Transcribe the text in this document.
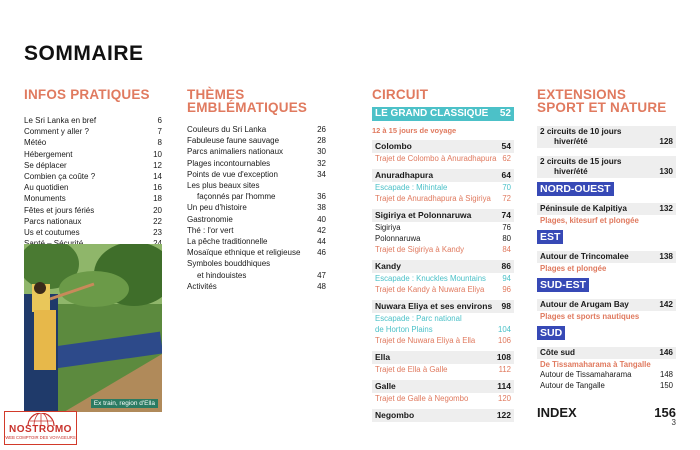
SOMMAIRE
INFOS PRATIQUES
Le Sri Lanka en bref	6
Comment y aller ?	7
Météo	8
Hébergement	10
Se déplacer	12
Combien ça coûte ?	14
Au quotidien	16
Monuments	18
Fêtes et jours fériés	20
Parcs nationaux	22
Us et coutumes	23
Ex train, region d'Ella
THÈMES
EMBLÉMATIQUES
Couleurs du Sri Lanka	26
Fabuleuse faune sauvage	28
Parcs animaliers nationaux	30
Plages incontournables	32
Points de vue d'exception	34
Les plus beaux sites
façonnés par l'homme	36
Un peu d'histoire	38
Gastronomie	40
Thé : l'or vert	42
La pêche traditionnelle	44
Mosaïque ethnique et religieuse 46
Symboles bouddhiques
et hindouistes	47
Activités	48
CIRCUIT
LE GRAND CLASSIQUE 52
12 à 15 jours de voyage
Colombo	54
Trajet de Colombo à Anuradhapura 62
Anuradhapura	64
Escapade : Mihintale	70
Trajet de Anuradhapura à Sigiriya 72
Sigiriya et Polonnaruwa	74
Sigiriya	76
Polonnaruwa	80
Trajet de Sigiriya à Kandy	84
Kandy	86
Escapade : Knuckles Mountains 94
Trajet de Kandy à Nuwara Eliya 96
Nuwara Eliya et ses environs 98
Escapade : Parc national
de Horton Plains	104
Trajet de Nuwara Eliya à Ella	106
Ella	108
Trajet de Ella à Galle	112
Galle	114
Trajet de Galle à Negombo	120
Negombo	122
EXTENSIONS
SPORT ET NATURE
2 circuits de 10 jours
hiver/été	128
2 circuits de 15 jours
hiver/été	130
NORD-OUEST
Péninsule de Kalpitiya	132
Plages, kitesurf et plongée
EST
Autour de Trincomalee	138
Plages et plongée
SUD-EST
Autour de Arugam Bay	142
Plages et sports nautiques
SUD
Côte sud	146
De Tissamaharama à Tangalle
Autour de Tissamaharama	148
Autour de Tangalle	150
INDEX	156
3
NOSTROMO
WEB COMPTOIR DES VOYAGEURS
